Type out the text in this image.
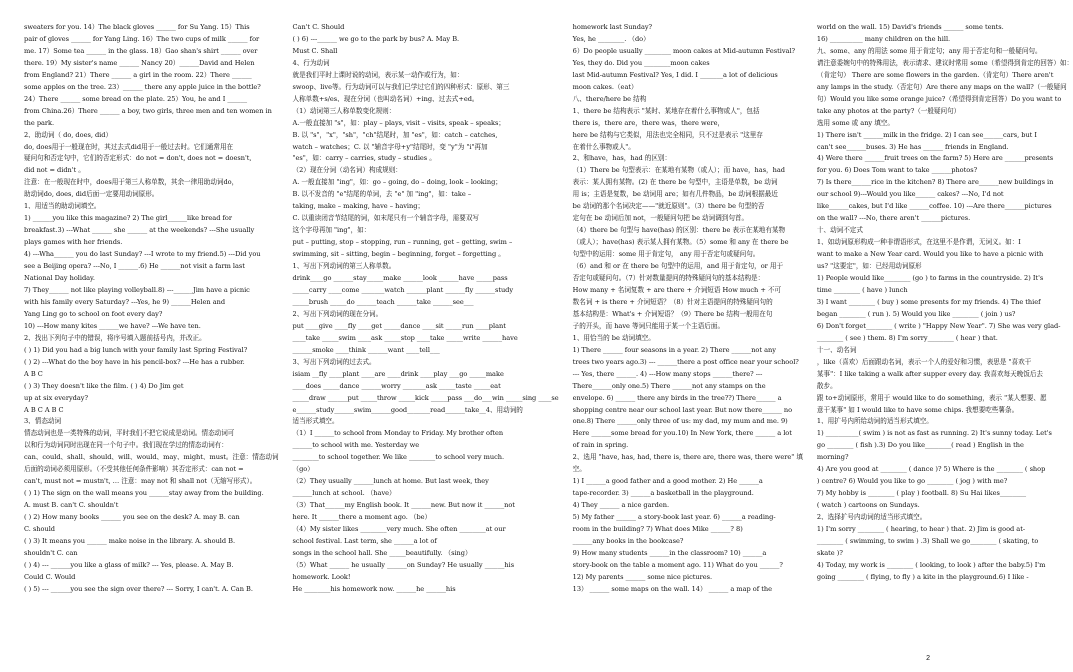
sweaters for you. 14）The black gloves ______ for Su Yang. 15）This
pair of gloves ______ for Yang Ling. 16）The two cups of milk ______ for
me. 17）Some tea ______ in the glass. 18）Gao shan's shirt ______ over
there. 19）My sister's name ______ Nancy 20）______David and Helen
from England? 21）There ______ a girl in the room. 22）There ______
some apples on the tree. 23）______ there any apple juice in the bottle?
24）There ______ some bread on the plate. 25）You, he and I ______
from China.26）There ______ a boy, two girls, three men and ten women in
the park.
2、助动词（ do, does, did）
do, does用于一般现在时，其过去式did用于一般过去时。它们通常用在
疑问句和否定句中，它们的否定形式：do not = don't, does not = doesn't,
did not = didn't 。
注意：在一般现在时中，does用于第三人称单数，其余一律用助动词do，
助动词do, does, did后面一定要用动词原形。
1、用适当的助动词填空。
1) ______you like this magazine? 2) The girl______like bread for
breakfast.3) ---What ______ she ______ at the weekends? ---She usually
plays games with her friends.
4) ---Wha______ you do last Sunday? ---I wrote to my friend.5) ---Did you
see a Beijing opera? ---No, I ______.6) He ______not visit a farm last
National Day holiday.
7) They______ not like playing volleyball.8) ---______Jim have a picnic
with his family every Saturday? ---Yes, he 9) ______Helen and
Yang Ling go to school on foot every day?
10) ---How many kites ______we have? ---We have ten.
2、找出下列句子中的错误，将序号填入题前括号内，并改正。
( ) 1) Did you had a big lunch with your family last Spring Festival?
( ) 2) ---What do the boy have in his pencil-box? ---He has a rubber.
A B C
( ) 3) They doesn't like the film. ( ) 4) Do Jim get
up at six everyday?
A B C A B C
3、情态动词
情态动词也是一类特殊的动词，平时我们不把它说成是动词。情态动词可
以和行为动词同时出现在同一个句子中。我们现在学过的情态动词有：
can、could、shall、should、will、would、may、might、must。注意：情态动词
后面的动词必须用原形。（不受其他任何条件影响）其否定形式：can not =
can't, must not = mustn't, … 注意：may not 和 shall not（无缩写形式）。
( ) 1) The sign on the wall means you ______stay away from the building.
A. must B. can't C. shouldn't
( ) 2) How many books ______ you see on the desk? A. may B. can
C. should
( ) 3) It means you ______ make noise in the library. A. should B.
shouldn't C. can
( ) 4) --- ______you like a glass of milk? --- Yes, please. A. May B.
Could C. Would
( ) 5) --- ______you see the sign over there? --- Sorry, I can't. A. Can B.
Can't C. Should
( ) 6) ---______ we go to the park by bus? A. May B.
Must C. Shall
4、行为动词
就是我们平时上课时说的动词，表示某一动作或行为，如：
swoop、live等。行为动词可以与我们已学过它们的四种形式：原形、第三
人称单数+s/es、现在分词（也叫动名词）+ing、过去式+ed。
（1）动词第三人称单数变化规则：
A.一般直接加 "s"，如：play – plays, visit – visits, speak – speaks；
B. 以 "s"，"x"，"sh"，"ch"结尾时，加 "es"，如：catch – catches,
watch – watches；C. 以 "辅音字母+y"结尾时，变 "y"为 "i"再加
"es"，如：carry – carries, study – studies 。
（2）现在分词（动名词）构成规则：
A. 一般直接加 "ing"，如：go – going, do – doing, look – looking；
B. 以不发音的 "e"结尾的单词，去 "e" 加 "ing"，如：take –
taking, make – making, have – having；
C. 以重读闭音节结尾的词，如末尾只有一个辅音字母，需要双写
这个字母再加 "ing"，如：
put – putting, stop – stopping, run – running, get – getting, swim –
swimming, sit – sitting, begin – beginning, forget – forgetting 。
1、写出下列动词的第三人称单数。
drink____go ______stay_____make ______look ______have _____pass
_____carry ____come _______watch ______plant ______fly ______study
_____brush _____do ______teach ______take ______see___
2、写出下列动词的现在分词。
put ____give ____fly ____get _____dance ____sit _____run ____plant
____take _____swim ____ask _____stop ____take _____write ______have
______smoke ____think ______want ____tell___
3、写出下列动词的过去式。
isiam __fly ____plant ____are ____drink ____play ___go _____make
____does _____dance ______worry _______ask _____taste _____eat
_____draw ______put _____throw _____kick _____pass ___do___win _____sing ____se
e______study______swim______good_______read______take__4、用动词的
适当形式填空。
（1）I ______to school from Monday to Friday. My brother often
______to school with me. Yesterday we
________to school together. We like ________to school very much.
（go）
（2）They usually ______lunch at home. But last week, they
______lunch at school. （have）
（3）That______my English book. It ______new. But now it ______not
here. It ______there a moment ago. （be）
（4）My sister likes ________very much. She often ________at our
school festival. Last term, she ______a lot of
songs in the school hall. She _____beautifully. （sing）
（5）What ______ he usually ______on Sunday? He usually ______his
homework. Look!
He ________his homework now. ______he ______his
homework last Sunday?
Yes, he ________. （do）
6）Do people usually ________ moon cakes at Mid-autumn Festival?
Yes, they do. Did you ________moon cakes
last Mid-autumn Festival? Yes, I did. I _______a lot of delicious
moon cakes.（eat）
八、there/here be 结构
1、there be 结构表示 "某时、某地存在着什么事物或人"，包括
there is，there are，there was，there were，
here be 结构与它类似，用法也完全相同，只不过是表示 "这里存
在着什么事物或人"。
2、和have，has，had 的区别：
（1）There be 句型表示：在某地有某物（或人）；而 have，has，had
表示：某人拥有某物。(2) 在 there be 句型中，主语是单数，be 动词
用 is；主语是复数，be 动词用 are；如有几件物品，be 动词根据最近
be 动词的那个名词决定——"就近原则"。（3）there be 句型的否
定句在 be 动词后加 not，一般疑问句把 be 动词调到句首。
（4）there be 句型与 have(has) 的区别：there be 表示在某地有某物
（或人）；have(has) 表示某人拥有某物。（5）some 和 any 在 there be
句型中的运用：some 用于肯定句， any 用于否定句或疑问句。
（6）and 和 or 在 there be 句型中的运用，and 用于肯定句，or 用于
否定句或疑问句。（7）针对数量提问的特殊疑问句的基本结构是：
How many + 名词复数 + are there + 介词短语 How much + 不可
数名词 + is there + 介词短语？（8）针对主语提问的特殊疑问句的
基本结构是：What's + 介词短语？（9）There be 结构一般用在句
子的开头，而 have 等词只能用于某一个主语后面。
1、用恰当的 be 动词填空。
1) There ______ four seasons in a year. 2) There ______not any
trees two years ago.3) --- ______there a post office near your school?
--- Yes, there ______. 4) ---How many stops ______there? ---
There______only one.5) There ______not any stamps on the
envelope. 6) ______ there any birds in the tree??) There______ a
shopping centre near our school last year. But now there______ no
one.8) There ______only three of us: my dad, my mum and me. 9)
Here ______some bread for you.10) In New York, there ______ a lot
of rain in spring.
2、选用 "have, has, had, there is, there are, there was, there were" 填
空。
1) I ______a good father and a good mother. 2) He ______a
tape-recorder. 3) ______a basketball in the playground.
4) They ______ a nice garden.
5) My father ______ a story-book last year. 6) ______a reading-
room in the building? 7) What does Mike ______? 8)
______any books in the bookcase?
9) How many students ______in the classroom? 10) ______a
story-book on the table a moment ago. 11) What do you ______?
12) My parents ______ some nice pictures.
13） ______ some maps on the wall. 14） ______ a map of the
world on the wall. 15) David's friends ______ some tents.
16) __________ many children on the hill.
九、some、any 的用法 some 用于肯定句；any 用于否定句和一般疑问句。
请注意委婉句中的特殊用法，表示请求、建议时常用 some（希望得到肯定的回答）如：
（肯定句） There are some flowers in the garden.（肯定句）There aren't
any lamps in the study.（否定句）Are there any maps on the wall?（一般疑问
句）Would you like some orange juice?（希望得到肯定回答）Do you want to
take any photos at the party?（一般疑问句）
选用 some 或 any 填空。
1) There isn't ______milk in the fridge. 2) I can see______cars, but I
can't see______buses. 3) He has ______ friends in England.
4) Were there ______fruit trees on the farm? 5) Here are ______presents
for you. 6) Does Tom want to take ______photos?
7) Is there______rice in the kitchen? 8) There are______new buildings in
our school 9)---Would you like______ cakes? ---No, I'd not
like______cakes, but I'd like ______coffee. 10) ---Are there______pictures
on the wall? ---No, there aren't ______pictures.
十、动词不定式
1、如动词原形构成一种非谓语形式，在这里不是作谓，无词义。如：I
want to make a New Year card. Would you like to have a picnic with
us? "这要定"，如：已经用动词原形
1) People would like________ (go ) to farms in the countryside. 2) It's
time ________ ( have ) lunch
3) I want ________ ( buy ) some presents for my friends. 4) The thief
began ________ ( run ). 5) Would you like ________ ( join ) us?
6) Don't forget________ ( write ) "Happy New Year". 7) She was very glad-
________ ( see ) them. 8) I'm sorry________ ( hear ) that.
十一、动名词
，like（喜欢）后面跟动名词，表示一个人的爱好和习惯，表思是 "喜欢干
某事"：I like taking a walk after supper every day. 我喜欢每天晚饭后去
散步。
跟 to+动词原形，常用于 would like to do something，表示 "某人想要、愿
意干某事" 如 I would like to have some chips. 我想要吃些薯条。
1、用扩号内所给动词的适当形式填空。
1) __________( swim ) is not as fast as running. 2) It's sunny today. Let's
go ________ ( fish ).3) Do you like________( read ) English in the
morning?
4) Are you good at ________ ( dance )? 5) Where is the ________ ( shop
) centre? 6) Would you like to go ________ ( jog ) with me?
7) My hobby is ________ ( play ) football. 8) Su Hai likes________
( watch ) cartoons on Sundays.
2、选择扩号内动词的适当形式填空。
1) I'm sorry ________ ( hearing, to hear ) that. 2) Jim is good at-
________ ( swimming, to swim ) .3) Shall we go________ ( skating, to
skate )?
4) Today, my work is ________ ( looking, to look ) after the baby.5) I'm
going ________ ( flying, to fly ) a kite in the playground.6) I like -
2
